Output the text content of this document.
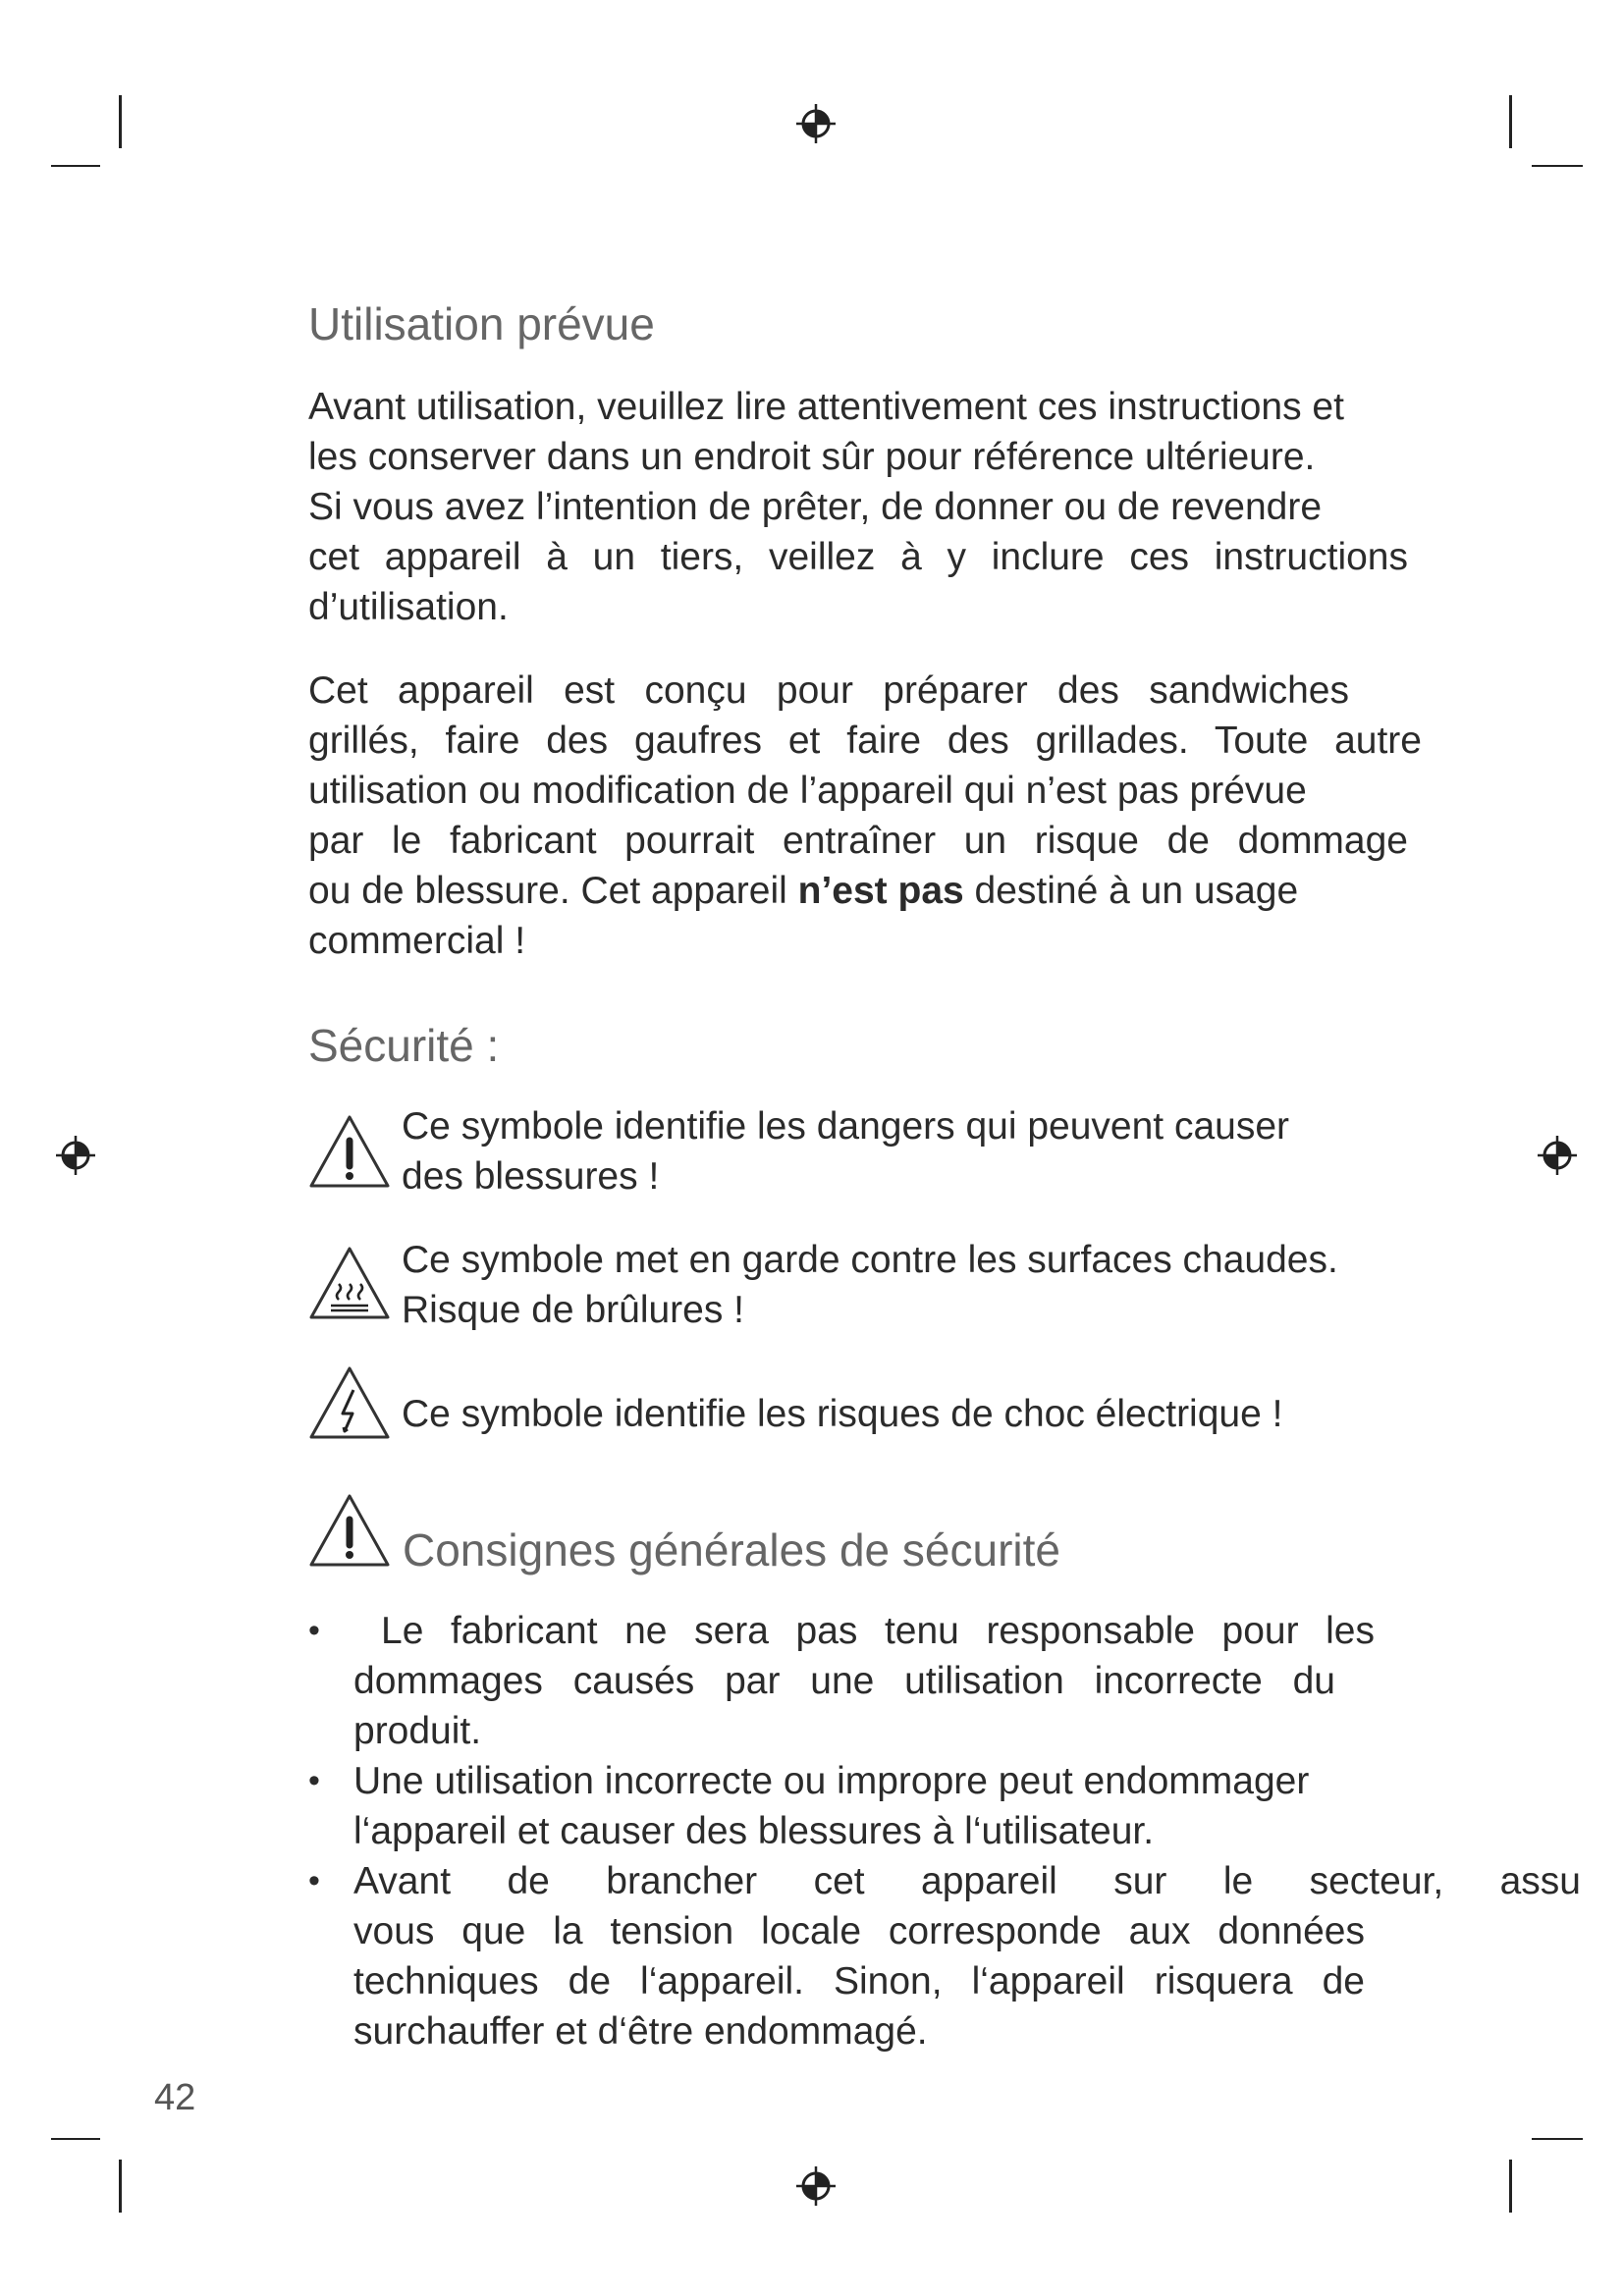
Utilisation prévue
Avant utilisation, veuillez lire attentivement ces instructions et
les conserver dans un endroit sûr pour référence ultérieure.
Si vous avez l’intention de prêter, de donner ou de revendre
cet appareil à un tiers, veillez à y inclure ces instructions
d’utilisation.
Cet appareil est conçu pour préparer des sandwiches
grillés, faire des gaufres et faire des grillades. Toute autre
utilisation ou modification de l’appareil qui n’est pas prévue
par le fabricant pourrait entraîner un risque de dommage
ou de blessure. Cet appareil n’est pas destiné à un usage
commercial !
Sécurité :
Ce symbole identifie les dangers qui peuvent causer
des blessures !
Ce symbole met en garde contre les surfaces chaudes.
Risque de brûlures !
Ce symbole identifie les risques de choc électrique !
Consignes générales de sécurité
•	Le fabricant ne sera pas tenu responsable pour les
dommages causés par une utilisation incorrecte du
produit.
• Une utilisation incorrecte ou impropre peut endommager
l‘appareil et causer des blessures à l‘utilisateur.
• Avant de brancher cet appareil sur le secteur, assu
vous que la tension locale corresponde aux données
techniques de l‘appareil. Sinon, l‘appareil risquera de
surchauffer et d‘être endommagé.
42
